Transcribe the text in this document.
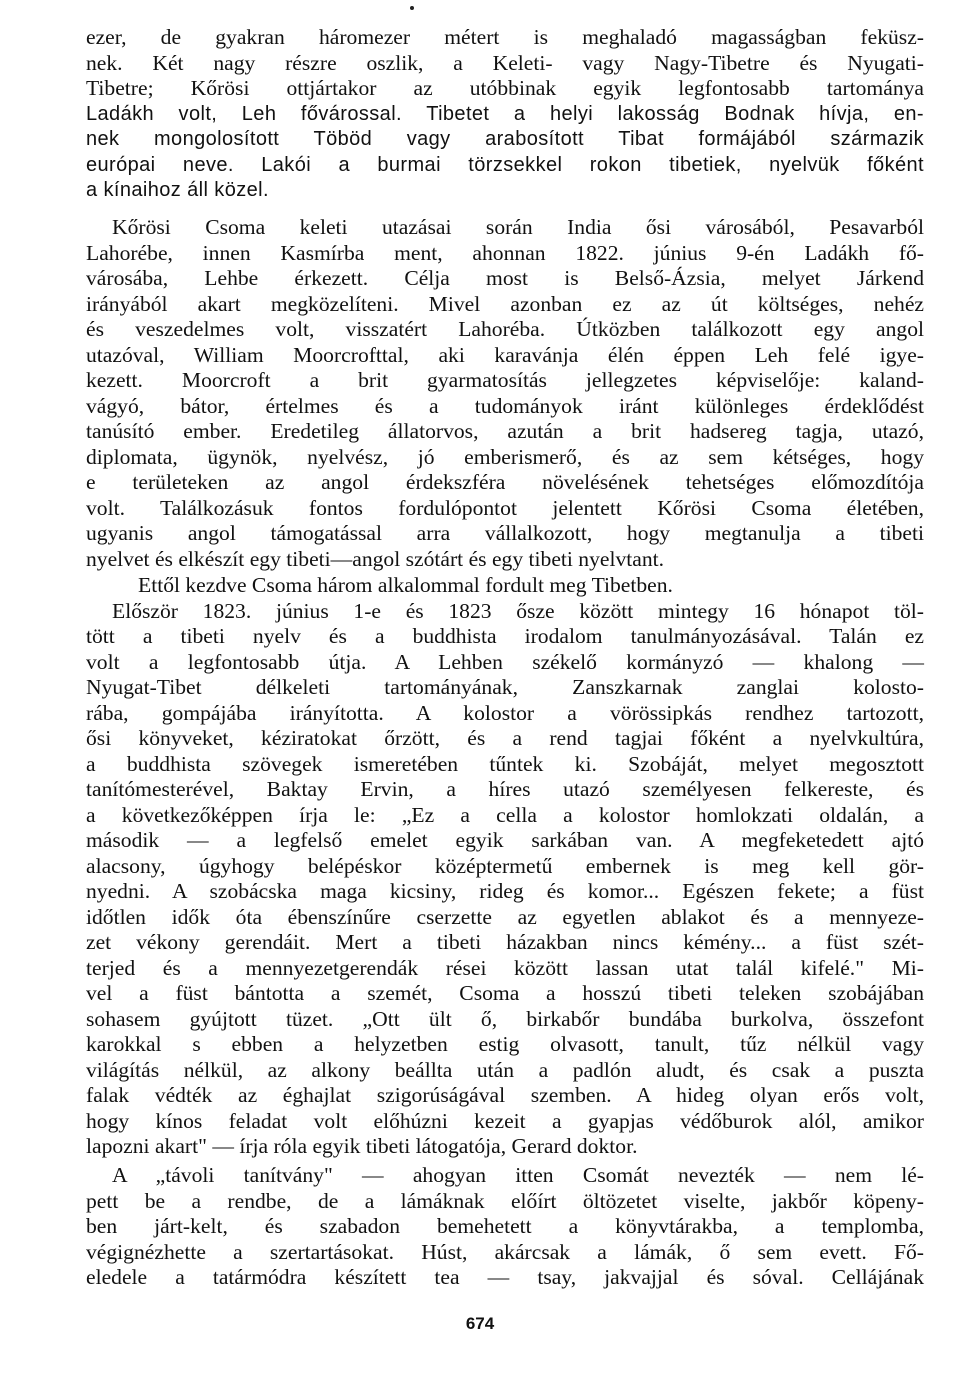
ezer, de gyakran háromezer métert is meghaladó magasságban feküsz-
nek. Két nagy részre oszlik, a Keleti- vagy Nagy-Tibetre és Nyugati-
Tibetre; Kőrösi ottjártakor az utóbbinak egyik legfontosabb tartománya
Ladákh volt, Leh fővárossal. Tibetet a helyi lakosság Bodnak hívja, en-
nek mongolosított Töböd vagy arabosított Tibat formájából származik
európai neve. Lakói a burmai törzsekkel rokon tibetiek, nyelvük főként
a kínaihoz áll közel.
Kőrösi Csoma keleti utazásai során India ősi városából, Pesavarból
Lahorébe, innen Kasmírba ment, ahonnan 1822. június 9-én Ladákh fő-
városába, Lehbe érkezett. Célja most is Belső-Ázsia, melyet Járkend
irányából akart megközelíteni. Mivel azonban ez az út költséges, nehéz
és veszedelmes volt, visszatért Lahoréba. Útközben találkozott egy angol
utazóval, William Moorcrofttal, aki karavánja élén éppen Leh felé igye-
kezett. Moorcroft a brit gyarmatosítás jellegzetes képviselője: kaland-
vágyó, bátor, értelmes és a tudományok iránt különleges érdeklődést
tanúsító ember. Eredetileg állatorvos, azután a brit hadsereg tagja, utazó,
diplomata, ügynök, nyelvész, jó emberismerő, és az sem kétséges, hogy
e területeken az angol érdekszféra növelésének tehetséges előmozdítója
volt. Találkozásuk fontos fordulópontot jelentett Kőrösi Csoma életében,
ugyanis angol támogatással arra vállalkozott, hogy megtanulja a tibeti
nyelvet és elkészít egy tibeti—angol szótárt és egy tibeti nyelvtant.
Ettől kezdve Csoma három alkalommal fordult meg Tibetben.
Először 1823. június 1-e és 1823 ősze között mintegy 16 hónapot töl-
tött a tibeti nyelv és a buddhista irodalom tanulmányozásával. Talán ez
volt a legfontosabb útja. A Lehben székelő kormányzó — khalong —
Nyugat-Tibet délkeleti tartományának, Zanszkarnak zanglai kolosto-
rába, gompájába irányította. A kolostor a vörössipkás rendhez tartozott,
ősi könyveket, kéziratokat őrzött, és a rend tagjai főként a nyelvkultúra,
a buddhista szövegek ismeretében tűntek ki. Szobáját, melyet megosztott
tanítómesterével, Baktay Ervin, a híres utazó személyesen felkereste, és
a következőképpen írja le: „Ez a cella a kolostor homlokzati oldalán, a
második — a legfelső emelet egyik sarkában van. A megfeketedett ajtó
alacsony, úgyhogy belépéskor középtermetű embernek is meg kell gör-
nyedni. A szobácska maga kicsiny, rideg és komor... Egészen fekete; a füst
időtlen idők óta ébenszínűre cserzette az egyetlen ablakot és a mennyeze-
zet vékony gerendáit. Mert a tibeti házakban nincs kémény... a füst szét-
terjed és a mennyezetgerendák rései között lassan utat talál kifelé." Mi-
vel a füst bántotta a szemét, Csoma a hosszú tibeti teleken szobájában
sohasem gyújtott tüzet. „Ott ült ő, birkabőr bundába burkolva, összefont
karokkal s ebben a helyzetben estig olvasott, tanult, tűz nélkül vagy
világítás nélkül, az alkony beállta után a padlón aludt, és csak a puszta
falak védték az éghajlat szigorúságával szemben. A hideg olyan erős volt,
hogy kínos feladat volt előhúzni kezeit a gyapjas védőburok alól, amikor
lapozni akart" — írja róla egyik tibeti látogatója, Gerard doktor.
A „távoli tanítvány" — ahogyan itten Csomát nevezték — nem lé-
pett be a rendbe, de a lámáknak előírt öltözetet viselte, jakbőr köpeny-
ben járt-kelt, és szabadon bemehetett a könyvtárakba, a templomba,
végignézhette a szertartásokat. Húst, akárcsak a lámák, ő sem evett. Fő-
eledele a tatármódra készített tea — tsay, jakvajjal és sóval. Cellájának
674
